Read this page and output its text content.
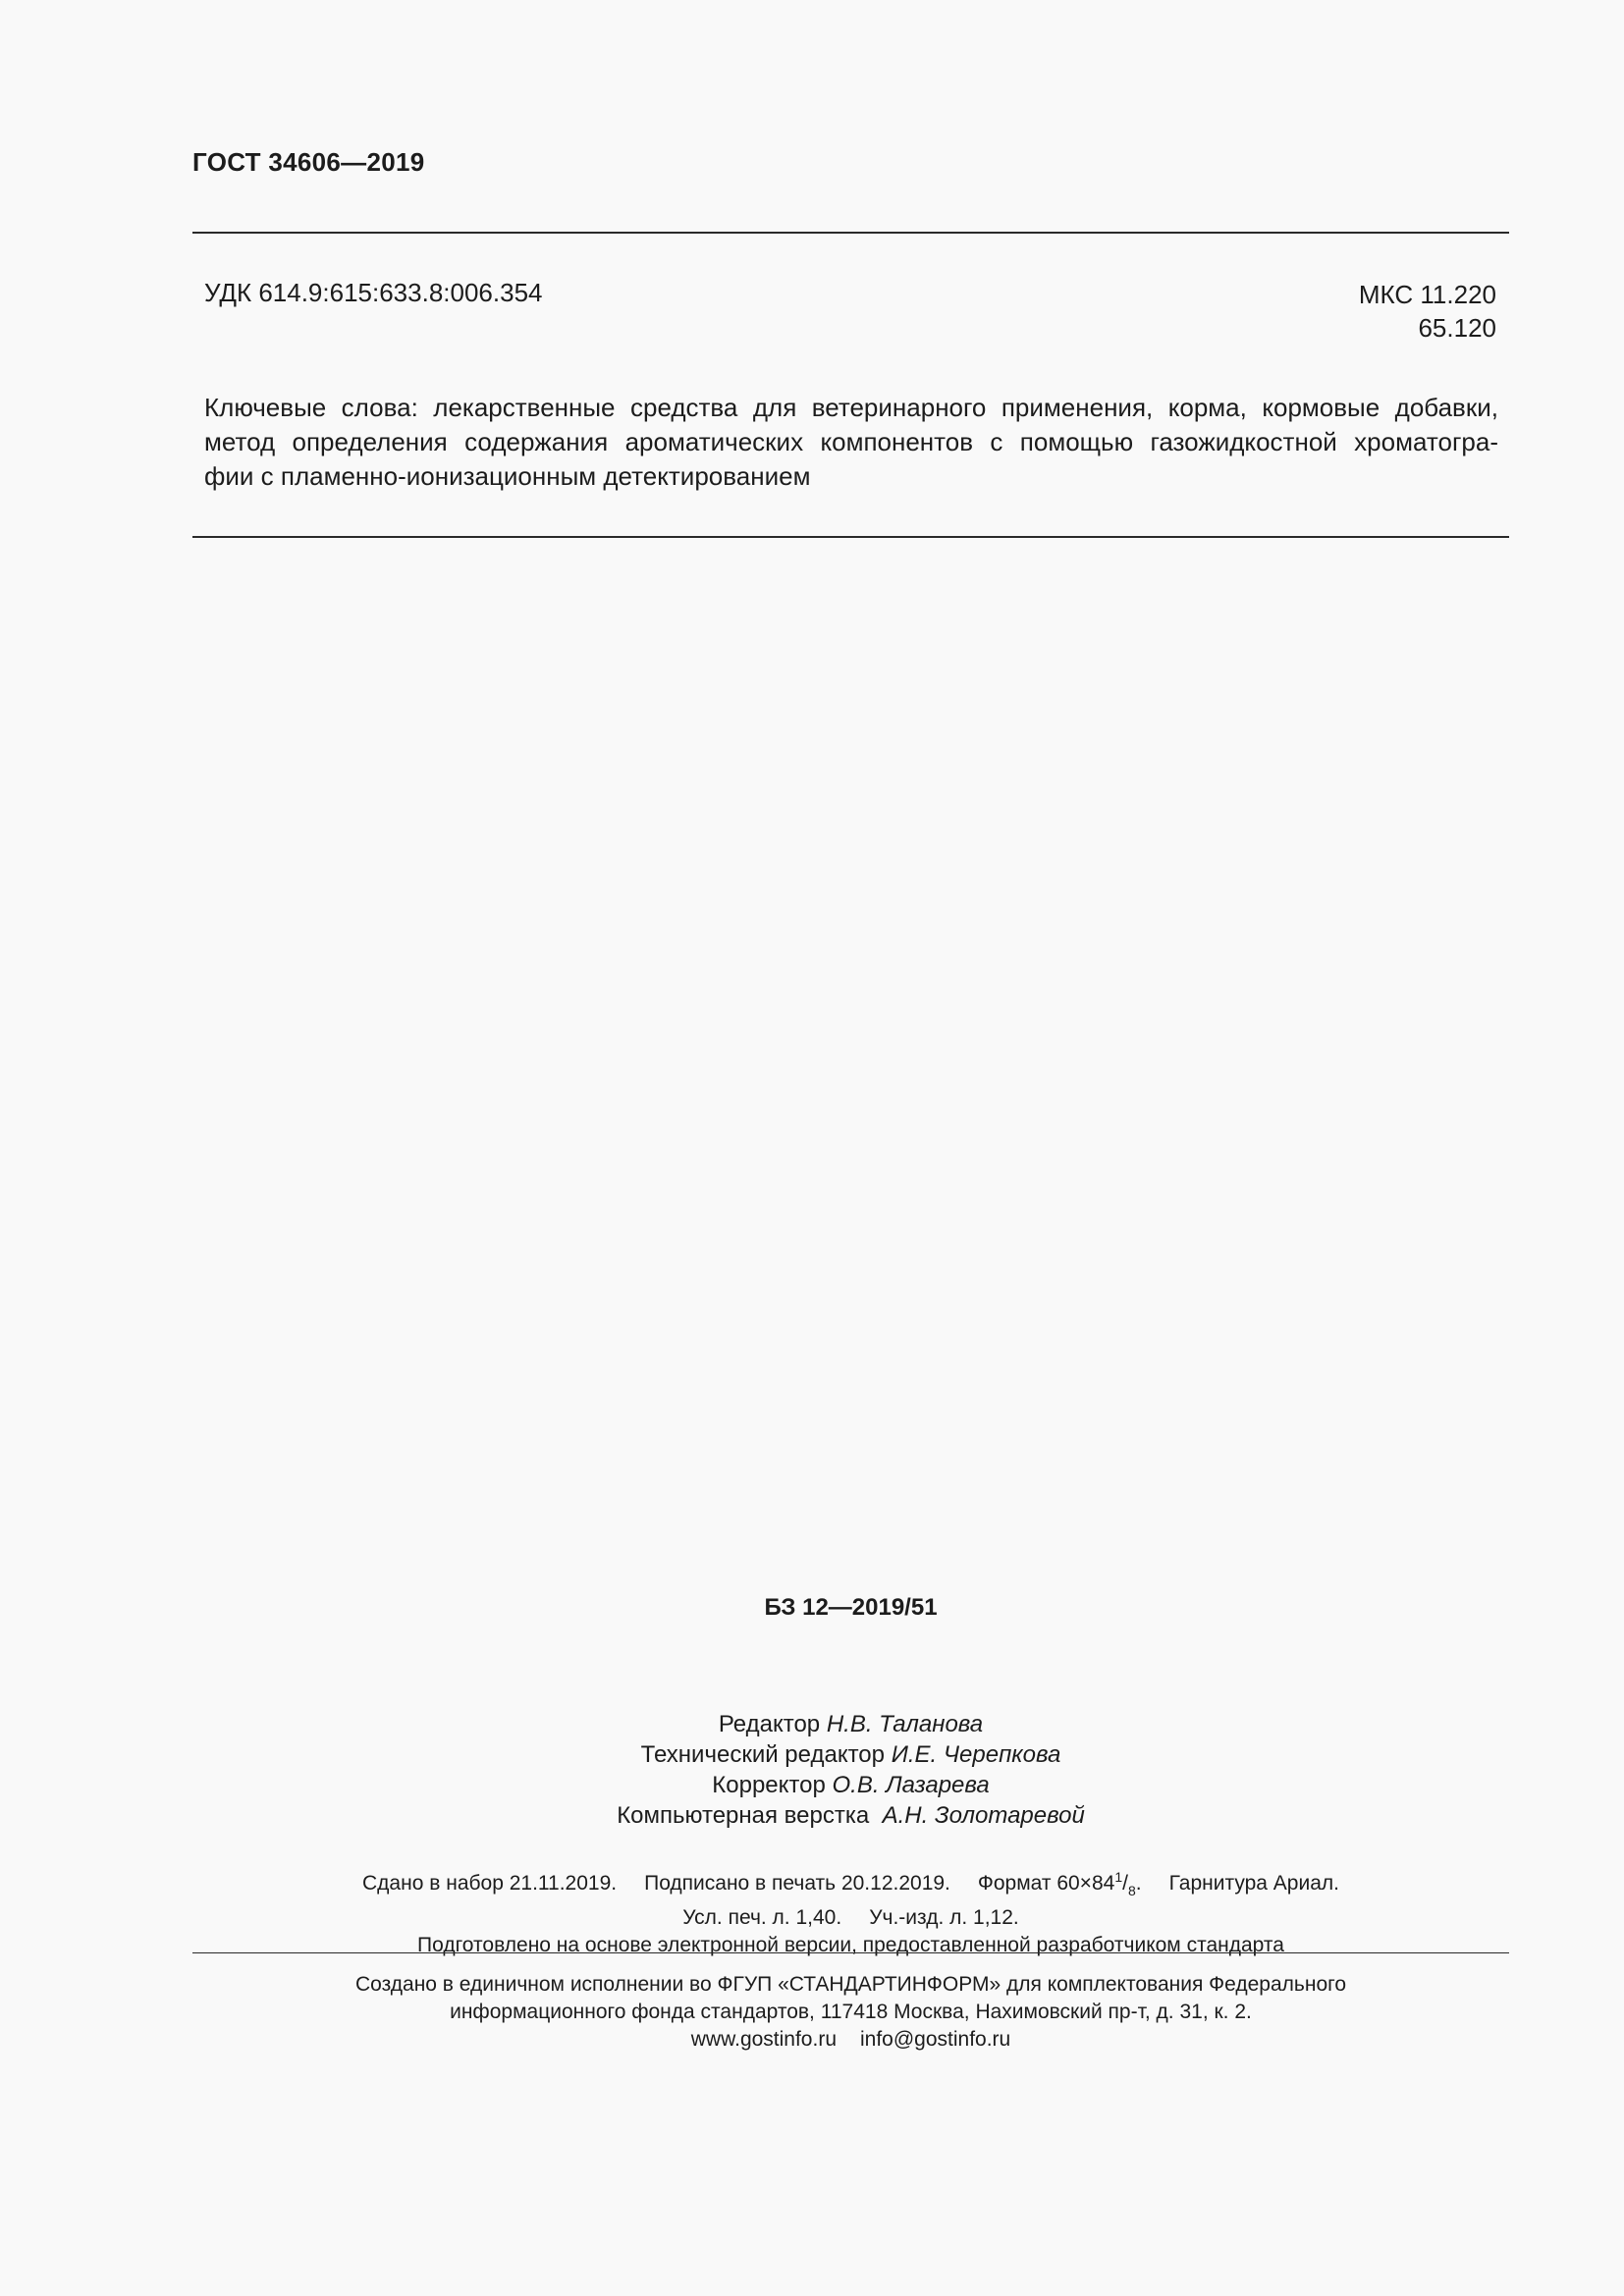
ГОСТ 34606—2019
УДК 614.9:615:633.8:006.354	МКС 11.220
65.120
Ключевые слова: лекарственные средства для ветеринарного применения, корма, кормовые добавки,
метод определения содержания ароматических компонентов с помощью газожидкостной хроматогра-
фии с пламенно-ионизационным детектированием
БЗ 12—2019/51
Редактор Н.В. Таланова
Технический редактор И.Е. Черепкова
Корректор О.В. Лазарева
Компьютерная верстка А.Н. Золотаревой
Сдано в набор 21.11.2019. Подписано в печать 20.12.2019. Формат $60\times 84^1/_8$. Гарнитура Ариал.
Усл. печ. л. 1,40. Уч.-изд. л. 1,12.
Подготовлено на основе электронной версии, предоставленной разработчиком стандарта
Создано в единичном исполнении во ФГУП «СТАНДАРТИНФОРМ» для комплектования Федерального
информационного фонда стандартов, 117418 Москва, Нахимовский пр-т, д. 31, к. 2.
www.gostinfo.ru info@gostinfo.ru
